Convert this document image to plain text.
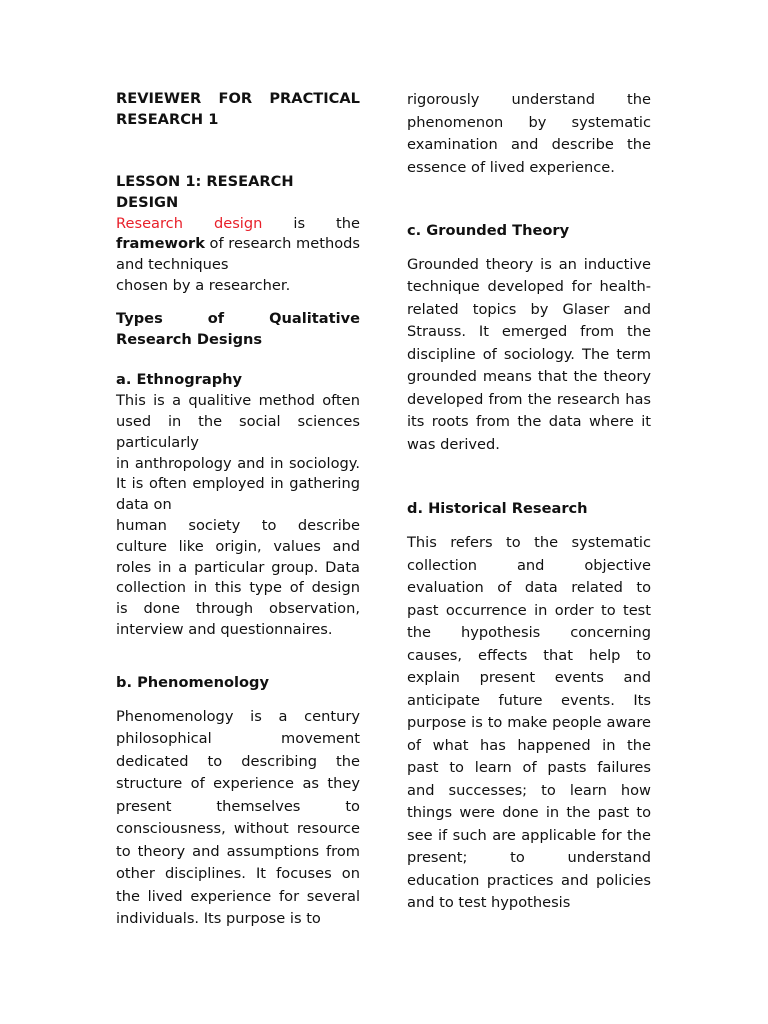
REVIEWER FOR PRACTICAL
RESEARCH 1

LESSON 1: RESEARCH DESIGN

Research design is the framework of research methods and techniques

chosen by a researcher.

Types of Qualitative Research Designs

a. Ethnography

This is a qualitive method often used in the social sciences particularly

in anthropology and in sociology. It is often employed in gathering data on

human society to describe culture like origin, values and roles in a particular group. Data collection in this type of design is done through observation, interview and questionnaires.

b. Phenomenology

Phenomenology is a century philosophical movement dedicated to describing the structure of experience as they present themselves to consciousness, without resource to theory and assumptions from other disciplines. It focuses on the lived experience for several individuals. Its purpose is to

rigorously understand the phenomenon by systematic examination and describe the essence of lived experience.

c. Grounded Theory

Grounded theory is an inductive technique developed for health-related topics by Glaser and Strauss. It emerged from the discipline of sociology. The term grounded means that the theory developed from the research has its roots from the data where it was derived.

d. Historical Research

This refers to the systematic collection and objective evaluation of data related to past occurrence in order to test the hypothesis concerning causes, effects that help to explain present events and anticipate future events. Its purpose is to make people aware of what has happened in the past to learn of pasts failures and successes; to learn how things were done in the past to see if such are applicable for the present; to understand education practices and policies and to test hypothesis
